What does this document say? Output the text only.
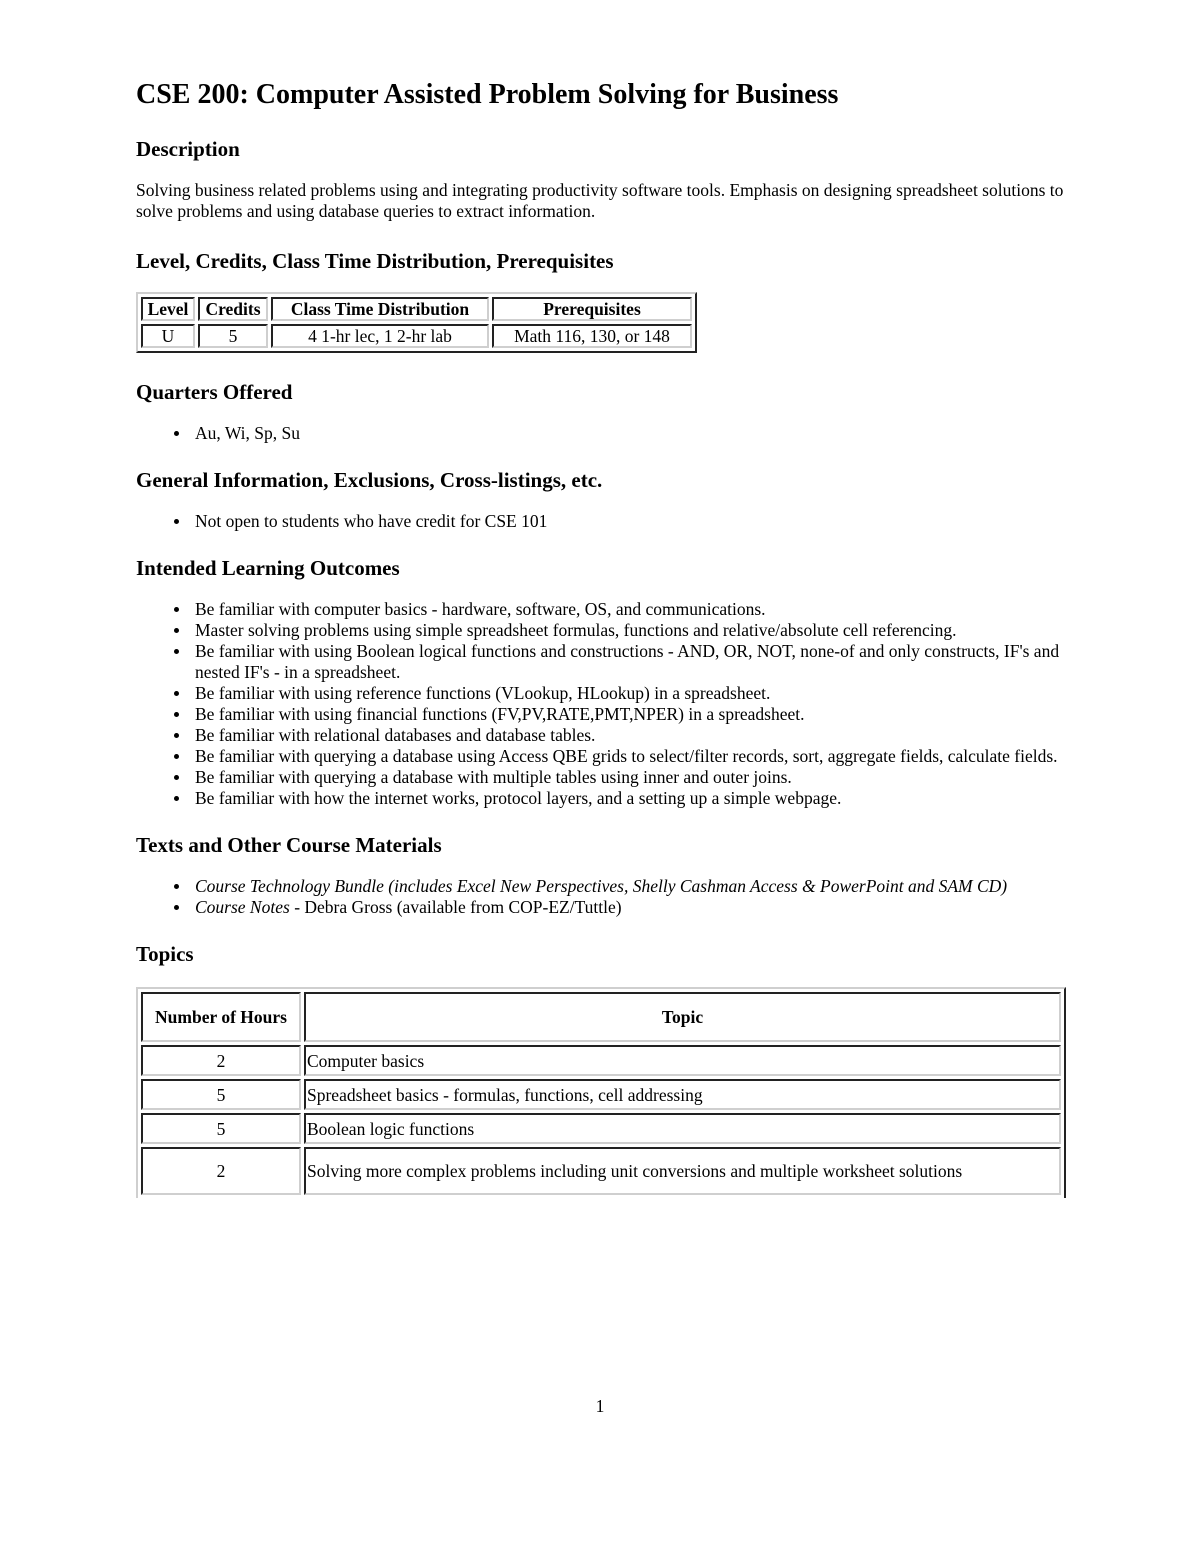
CSE 200: Computer Assisted Problem Solving for Business
Description

Solving business related problems using and integrating productivity software tools. Emphasis on designing spreadsheet solutions to solve problems and using database queries to extract information.

Level, Credits, Class Time Distribution, Prerequisites
Level	Credits	Class Time Distribution	Prerequisites
U	5	4 1-hr lec, 1 2-hr lab	Math 116, 130, or 148
Quarters Offered
Au, Wi, Sp, Su
General Information, Exclusions, Cross-listings, etc.
Not open to students who have credit for CSE 101
Intended Learning Outcomes
Be familiar with computer basics - hardware, software, OS, and communications.
Master solving problems using simple spreadsheet formulas, functions and relative/absolute cell referencing.
Be familiar with using Boolean logical functions and constructions - AND, OR, NOT, none-of and only constructs, IF's and nested IF's - in a spreadsheet.
Be familiar with using reference functions (VLookup, HLookup) in a spreadsheet.
Be familiar with using financial functions (FV,PV,RATE,PMT,NPER) in a spreadsheet.
Be familiar with relational databases and database tables.
Be familiar with querying a database using Access QBE grids to select/filter records, sort, aggregate fields, calculate fields.
Be familiar with querying a database with multiple tables using inner and outer joins.
Be familiar with how the internet works, protocol layers, and a setting up a simple webpage.
Texts and Other Course Materials
Course Technology Bundle (includes Excel New Perspectives, Shelly Cashman Access & PowerPoint and SAM CD)
Course Notes - Debra Gross (available from COP-EZ/Tuttle)
Topics
Number of Hours	Topic
2	Computer basics
5	Spreadsheet basics - formulas, functions, cell addressing
5	Boolean logic functions
2	Solving more complex problems including unit conversions and multiple worksheet solutions
1
